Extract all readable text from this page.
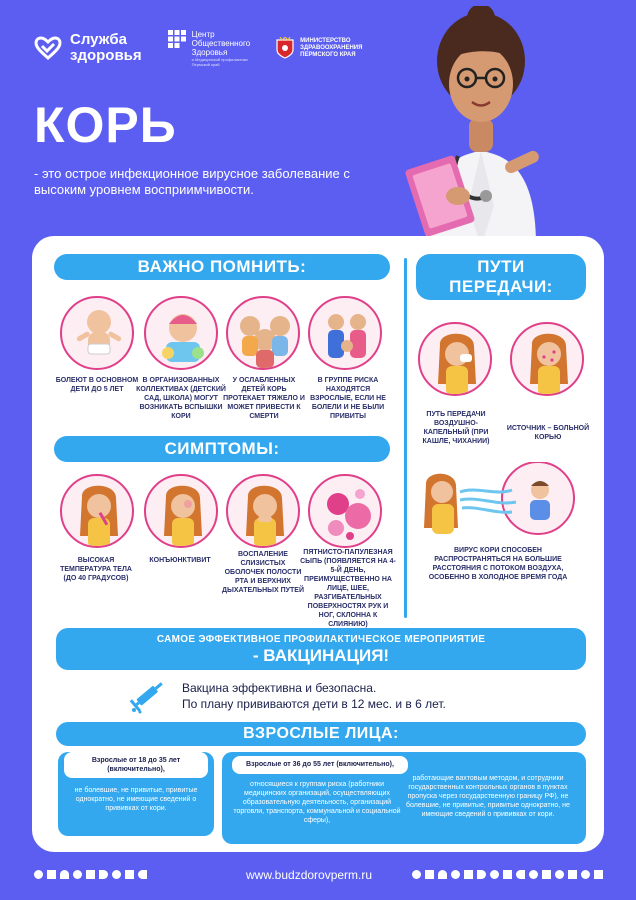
Служба
здоровья
Центр
Общественного
Здоровья
и Медицинской профилактики
Пермский край
МИНИСТЕРСТВО
ЗДРАВООХРАНЕНИЯ
ПЕРМСКОГО КРАЯ
КОРЬ
- это острое инфекционное вирусное заболевание с высоким уровнем восприимчивости.
ВАЖНО ПОМНИТЬ:
БОЛЕЮТ В ОСНОВНОМ ДЕТИ ДО 5 ЛЕТ
В ОРГАНИЗОВАННЫХ КОЛЛЕКТИВАХ (ДЕТСКИЙ САД, ШКОЛА) МОГУТ ВОЗНИКАТЬ ВСПЫШКИ КОРИ
У ОСЛАБЛЕННЫХ ДЕТЕЙ КОРЬ ПРОТЕКАЕТ ТЯЖЕЛО И МОЖЕТ ПРИВЕСТИ К СМЕРТИ
В ГРУППЕ РИСКА НАХОДЯТСЯ ВЗРОСЛЫЕ, ЕСЛИ НЕ БОЛЕЛИ И НЕ БЫЛИ ПРИВИТЫ
ПУТИ
ПЕРЕДАЧИ:
ПУТЬ ПЕРЕДАЧИ ВОЗДУШНО-КАПЕЛЬНЫЙ (ПРИ КАШЛЕ, ЧИХАНИИ)
ИСТОЧНИК – БОЛЬНОЙ КОРЬЮ
ВИРУС КОРИ СПОСОБЕН РАСПРОСТРАНЯТЬСЯ НА БОЛЬШИЕ РАССТОЯНИЯ С ПОТОКОМ ВОЗДУХА, ОСОБЕННО В ХОЛОДНОЕ ВРЕМЯ ГОДА
СИМПТОМЫ:
ВЫСОКАЯ ТЕМПЕРАТУРА ТЕЛА (ДО 40 ГРАДУСОВ)
КОНЪЮНКТИВИТ
ВОСПАЛЕНИЕ СЛИЗИСТЫХ ОБОЛОЧЕК ПОЛОСТИ РТА И ВЕРХНИХ ДЫХАТЕЛЬНЫХ ПУТЕЙ
ПЯТНИСТО-ПАПУЛЕЗНАЯ СЫПЬ (ПОЯВЛЯЕТСЯ НА 4-5-Й ДЕНЬ, ПРЕИМУЩЕСТВЕННО НА ЛИЦЕ, ШЕЕ, РАЗГИБАТЕЛЬНЫХ ПОВЕРХНОСТЯХ РУК И НОГ, СКЛОННА К СЛИЯНИЮ)
САМОЕ ЭФФЕКТИВНОЕ ПРОФИЛАКТИЧЕСКОЕ МЕРОПРИЯТИЕ
- ВАКЦИНАЦИЯ!
Вакцина эффективна и безопасна.
По плану прививаются дети в 12 мес. и в 6 лет.
ВЗРОСЛЫЕ ЛИЦА:
не болевшие, не привитые, привитые однократно, не имеющие сведений о прививках от кори.
Взрослые от 18 до 35 лет (включительно),
относящиеся к группам риска (работники медицинских организаций, осуществляющих образовательную деятельность, организаций торговли, транспорта, коммунальной и социальной сферы),
работающие вахтовым методом, и сотрудники государственных контрольных органов в пунктах пропуска через государственную границу РФ), не болевшие, не привитые, привитые однократно, не имеющие сведений о прививках от кори.
Взрослые от 36 до 55 лет (включительно),
www.budzdorovperm.ru
